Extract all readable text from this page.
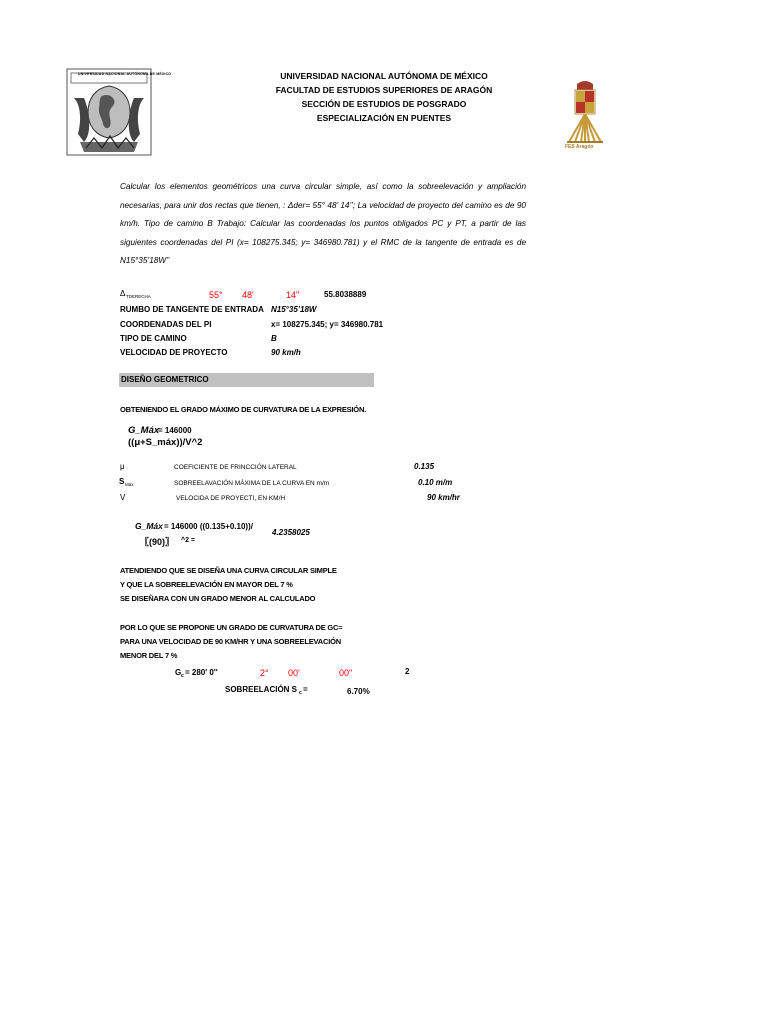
UNIVERSIDAD NACIONAL AUTÓNOMA DE MÉXICO
FES Aragón
UNIVERSIDAD NACIONAL AUTÓNOMA DE MÉXICO
FACULTAD DE ESTUDIOS SUPERIORES DE ARAGÓN
SECCIÓN DE ESTUDIOS DE POSGRADO
ESPECIALIZACIÓN EN PUENTES
Calcular los elementos geométricos una curva circular simple, así como la sobreelevación y ampliación necesarias, para unir dos rectas que tienen, : Δder= 55° 48’ 14’’; La velocidad de proyecto del camino es de 90 km/h. Tipo de camino B Trabajo: Calcular las coordenadas los puntos obligados PC y PT, a partir de las siguientes coordenadas del PI (x= 108275.345; y= 346980.781) y el RMC de la tangente de entrada es de N15°35’18W’’
Δ TDERECHA	55° 48'	14''	55.8038889
RUMBO DE TANGENTE DE ENTRADA N15°35’18W
COORDENADAS DEL PI	x= 108275.345; y= 346980.781
TIPO DE CAMINO	B
VELOCIDAD DE PROYECTO	90 km/h
DISEÑO GEOMETRICO
OBTENIENDO EL GRADO MÁXIMO DE CURVATURA DE LA EXPRESIÓN.
G_Máx
= 146000
((μ+S_máx))/V^2
μ	COEFICIENTE DE FRINCCIÓN LATERAL	0.135
S Máx	SOBREELAVACIÓN MÁXIMA DE LA CURVA EN m/m	0.10 m/m
V	VELOCIDA DE PROYECTI, EN KM/H	90 km/hr
G_Máx = 146000 ((0.135+0.10))/
〖(90)〗 ^2 =
4.2358025
ATENDIENDO QUE SE DISEÑA UNA CURVA CIRCULAR SIMPLE
Y QUE LA SOBREELEVACIÓN EN MAYOR DEL 7 %
SE DISEÑARA CON UN GRADO MENOR AL CALCULADO
POR LO QUE SE PROPONE UN GRADO DE CURVATURA DE GC=
PARA UNA VELOCIDAD DE 90 KM/HR Y UNA SOBREELEVACIÓN
MENOR DEL 7 %
G c = 280' 0''	2° 00'	00''	2
SOBREELACIÓN S c =	6.70%
